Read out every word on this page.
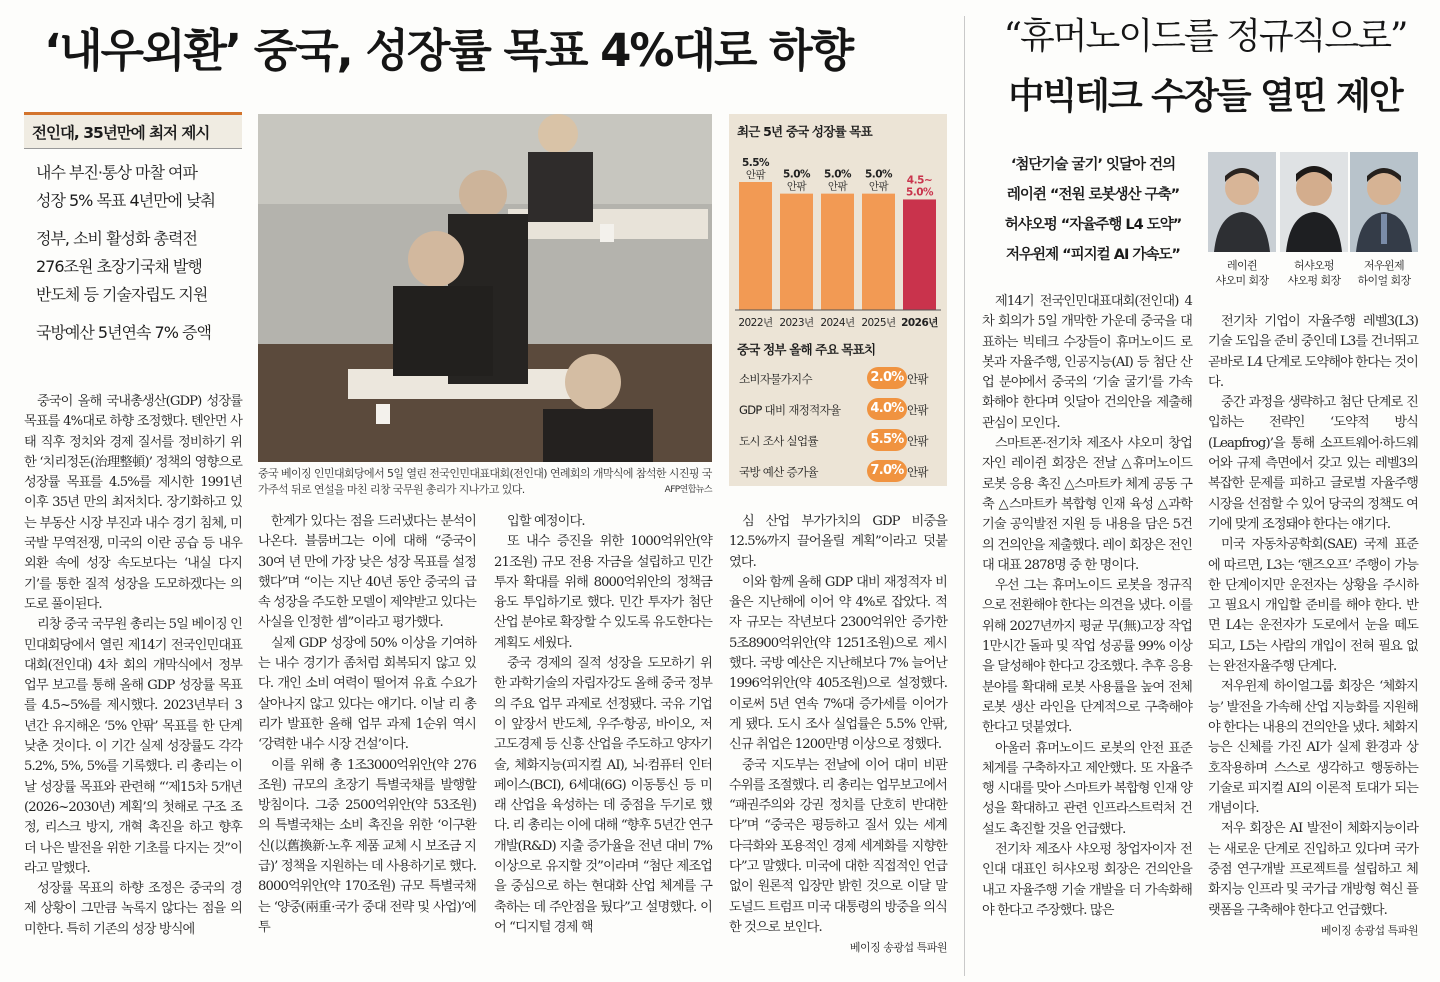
‘내우외환’ 중국, 성장률 목표 4%대로 하향	“휴머노이드를 정규직으로”
中빅테크 수장들 열띤 제안
전인대, 35년만에 최저 제시
내수 부진·통상 마찰 여파
성장 5% 목표 4년만에 낮춰
정부, 소비 활성화 총력전
276조원 초장기국채 발행
반도체 등 기술자립도 지원
국방예산 5년연속 7% 증액
중국 베이징 인민대회당에서 5일 열린 전국인민대표대회(전인대) 연례회의 개막식에 참석한 시진핑 국가주석 뒤로 연설을 마친 리창 국무원 총리가 지나가고 있다.	AFP연합뉴스
최근 5년 중국 성장률 목표
5.5%
안팎
2022년
5.0%
안팎
2023년
5.0%
안팎
2024년
5.0%
안팎
2025년
4.5~
5.0%
2026년
중국 정부 올해 주요 목표치
소비자물가지수	2.0% 안팎
GDP 대비 재정적자율 4.0% 안팎
도시 조사 실업률	5.5% 안팎
국방 예산 증가율	7.0% 안팎

중국이 올해 국내총생산(GDP) 성장률 목표를 4%대로 하향 조정했다. 톈안먼 사태 직후 정치와 경제 질서를 정비하기 위한 ‘치리정돈(治理整頓)’ 정책의 영향으로 성장률 목표를 4.5%를 제시한 1991년 이후 35년 만의 최저치다. 장기화하고 있는 부동산 시장 부진과 내수 경기 침체, 미국발 무역전쟁, 미국의 이란 공습 등 내우외환 속에 성장 속도보다는 ‘내실 다지기’를 통한 질적 성장을 도모하겠다는 의도로 풀이된다.

리창 중국 국무원 총리는 5일 베이징 인민대회당에서 열린 제14기 전국인민대표대회(전인대) 4차 회의 개막식에서 정부 업무 보고를 통해 올해 GDP 성장률 목표를 4.5~5%를 제시했다. 2023년부터 3년간 유지해온 ‘5% 안팎’ 목표를 한 단계 낮춘 것이다. 이 기간 실제 성장률도 각각 5.2%, 5%, 5%를 기록했다. 리 총리는 이날 성장률 목표와 관련해 “‘제15차 5개년(2026~2030년) 계획’의 첫해로 구조 조정, 리스크 방지, 개혁 촉진을 하고 향후 더 나은 발전을 위한 기초를 다지는 것”이라고 말했다.

성장률 목표의 하향 조정은 중국의 경제 상황이 그만큼 녹록지 않다는 점을 의미한다. 특히 기존의 성장 방식에

한계가 있다는 점을 드러냈다는 분석이 나온다. 블룸버그는 이에 대해 “중국이 30여 년 만에 가장 낮은 성장 목표를 설정했다”며 “이는 지난 40년 동안 중국의 급속 성장을 주도한 모델이 제약받고 있다는 사실을 인정한 셈”이라고 평가했다.

실제 GDP 성장에 50% 이상을 기여하는 내수 경기가 좀처럼 회복되지 않고 있다. 개인 소비 여력이 떨어져 유효 수요가 살아나지 않고 있다는 얘기다. 이날 리 총리가 발표한 올해 업무 과제 1순위 역시 ‘강력한 내수 시장 건설’이다.

이를 위해 총 1조3000억위안(약 276조원) 규모의 초장기 특별국채를 발행할 방침이다. 그중 2500억위안(약 53조원)의 특별국채는 소비 촉진을 위한 ‘이구환신(以舊換新·노후 제품 교체 시 보조금 지급)’ 정책을 지원하는 데 사용하기로 했다. 8000억위안(약 170조원) 규모 특별국채는 ‘양중(兩重·국가 중대 전략 및 사업)’에 투

입할 예정이다.

또 내수 증진을 위한 1000억위안(약 21조원) 규모 전용 자금을 설립하고 민간 투자 확대를 위해 8000억위안의 정책금융도 투입하기로 했다. 민간 투자가 첨단 산업 분야로 확장할 수 있도록 유도한다는 계획도 세웠다.

중국 경제의 질적 성장을 도모하기 위한 과학기술의 자립자강도 올해 중국 정부의 주요 업무 과제로 선정됐다. 국유 기업이 앞장서 반도체, 우주·항공, 바이오, 저고도경제 등 신흥 산업을 주도하고 양자기술, 체화지능(피지컬 AI), 뇌·컴퓨터 인터페이스(BCI), 6세대(6G) 이동통신 등 미래 산업을 육성하는 데 중점을 두기로 했다. 리 총리는 이에 대해 “향후 5년간 연구개발(R&D) 지출 증가율을 전년 대비 7% 이상으로 유지할 것”이라며 “첨단 제조업을 중심으로 하는 현대화 산업 체계를 구축하는 데 주안점을 뒀다”고 설명했다. 이어 “디지털 경제 핵

심 산업 부가가치의 GDP 비중을 12.5%까지 끌어올릴 계획”이라고 덧붙였다.

이와 함께 올해 GDP 대비 재정적자 비율은 지난해에 이어 약 4%로 잡았다. 적자 규모는 작년보다 2300억위안 증가한 5조8900억위안(약 1251조원)으로 제시했다. 국방 예산은 지난해보다 7% 늘어난 1996억위안(약 405조원)으로 설정했다. 이로써 5년 연속 7%대 증가세를 이어가게 됐다. 도시 조사 실업률은 5.5% 안팎, 신규 취업은 1200만명 이상으로 정했다.

중국 지도부는 전날에 이어 대미 비판 수위를 조절했다. 리 총리는 업무보고에서 “패권주의와 강권 정치를 단호히 반대한다”며 “중국은 평등하고 질서 있는 세계 다극화와 포용적인 경제 세계화를 지향한다”고 말했다. 미국에 대한 직접적인 언급 없이 원론적 입장만 밝힌 것으로 이달 말 도널드 트럼프 미국 대통령의 방중을 의식한 것으로 보인다.

베이징 송광섭 특파원
‘첨단기술 굴기’ 잇달아 건의
레이쥔 “전원 로봇생산 구축”
허샤오펑 “자율주행 L4 도약”
저우윈제 “피지컬 AI 가속도”
레이쥔
샤오미 회장
허샤오펑
샤오펑 회장
저우윈제
하이얼 회장

제14기 전국인민대표대회(전인대) 4차 회의가 5일 개막한 가운데 중국을 대표하는 빅테크 수장들이 휴머노이드 로봇과 자율주행, 인공지능(AI) 등 첨단 산업 분야에서 중국의 ‘기술 굴기’를 가속화해야 한다며 잇달아 건의안을 제출해 관심이 모인다.

스마트폰·전기차 제조사 샤오미 창업자인 레이쥔 회장은 전날 △휴머노이드 로봇 응용 촉진 △스마트카 체계 공동 구축 △스마트카 복합형 인재 육성 △과학기술 공익발전 지원 등 내용을 담은 5건의 건의안을 제출했다. 레이 회장은 전인대 대표 2878명 중 한 명이다.

우선 그는 휴머노이드 로봇을 정규직으로 전환해야 한다는 의견을 냈다. 이를 위해 2027년까지 평균 무(無)고장 작업 1만시간 돌파 및 작업 성공률 99% 이상을 달성해야 한다고 강조했다. 추후 응용 분야를 확대해 로봇 사용률을 높여 전체 로봇 생산 라인을 단계적으로 구축해야 한다고 덧붙였다.

아울러 휴머노이드 로봇의 안전 표준 체계를 구축하자고 제안했다. 또 자율주행 시대를 맞아 스마트카 복합형 인재 양성을 확대하고 관련 인프라스트럭처 건설도 촉진할 것을 언급했다.

전기차 제조사 샤오펑 창업자이자 전인대 대표인 허샤오펑 회장은 건의안을 내고 자율주행 기술 개발을 더 가속화해야 한다고 주장했다. 많은

전기차 기업이 자율주행 레벨3(L3) 기술 도입을 준비 중인데 L3를 건너뛰고 곧바로 L4 단계로 도약해야 한다는 것이다.

중간 과정을 생략하고 첨단 단계로 진입하는 전략인 ‘도약적 방식(Leapfrog)’을 통해 소프트웨어·하드웨어와 규제 측면에서 갖고 있는 레벨3의 복잡한 문제를 피하고 글로벌 자율주행시장을 선점할 수 있어 당국의 정책도 여기에 맞게 조정돼야 한다는 얘기다.

미국 자동차공학회(SAE) 국제 표준에 따르면, L3는 ‘핸즈오프’ 주행이 가능한 단계이지만 운전자는 상황을 주시하고 필요시 개입할 준비를 해야 한다. 반면 L4는 운전자가 도로에서 눈을 떼도 되고, L5는 사람의 개입이 전혀 필요 없는 완전자율주행 단계다.

저우윈제 하이얼그룹 회장은 ‘체화지능’ 발전을 가속해 산업 지능화를 지원해야 한다는 내용의 건의안을 냈다. 체화지능은 신체를 가진 AI가 실제 환경과 상호작용하며 스스로 생각하고 행동하는 기술로 피지컬 AI의 이론적 토대가 되는 개념이다.

저우 회장은 AI 발전이 체화지능이라는 새로운 단계로 진입하고 있다며 국가 중점 연구개발 프로젝트를 설립하고 체화지능 인프라 및 국가급 개방형 혁신 플랫폼을 구축해야 한다고 언급했다.

베이징 송광섭 특파원
